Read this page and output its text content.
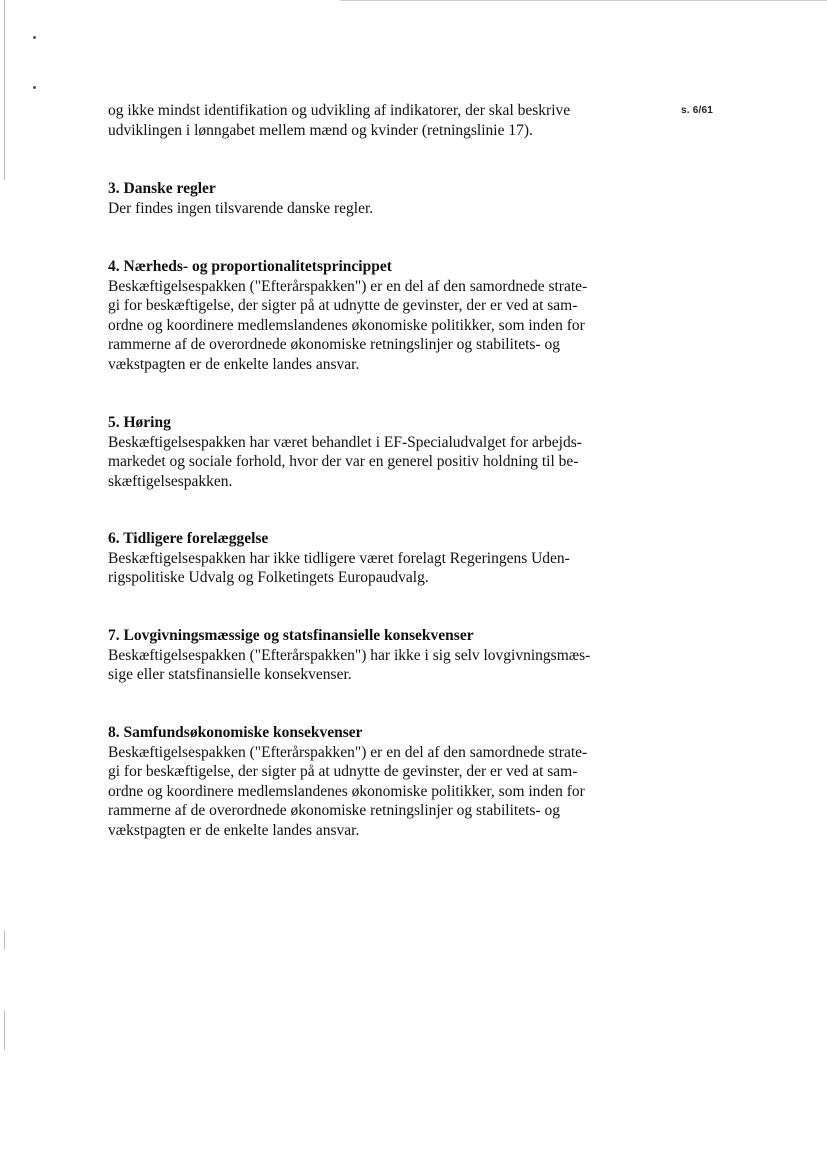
s. 6/61
og ikke mindst identifikation og udvikling af indikatorer, der skal beskrive
udviklingen i lønngabet mellem mænd og kvinder (retningslinie 17).
3. Danske regler
Der findes ingen tilsvarende danske regler.
4. Nærheds- og proportionalitetsprincippet
Beskæftigelsespakken ("Efterårspakken") er en del af den samordnede strate-
gi for beskæftigelse, der sigter på at udnytte de gevinster, der er ved at sam-
ordne og koordinere medlemslandenes økonomiske politikker, som inden for
rammerne af de overordnede økonomiske retningslinjer og stabilitets- og
vækstpagten er de enkelte landes ansvar.
5. Høring
Beskæftigelsespakken har været behandlet i EF-Specialudvalget for arbejds-
markedet og sociale forhold, hvor der var en generel positiv holdning til be-
skæftigelsespakken.
6. Tidligere forelæggelse
Beskæftigelsespakken har ikke tidligere været forelagt Regeringens Uden-
rigspolitiske Udvalg og Folketingets Europaudvalg.
7. Lovgivningsmæssige og statsfinansielle konsekvenser
Beskæftigelsespakken ("Efterårspakken") har ikke i sig selv lovgivningsmæs-
sige eller statsfinansielle konsekvenser.
8. Samfundsøkonomiske konsekvenser
Beskæftigelsespakken ("Efterårspakken") er en del af den samordnede strate-
gi for beskæftigelse, der sigter på at udnytte de gevinster, der er ved at sam-
ordne og koordinere medlemslandenes økonomiske politikker, som inden for
rammerne af de overordnede økonomiske retningslinjer og stabilitets- og
vækstpagten er de enkelte landes ansvar.
